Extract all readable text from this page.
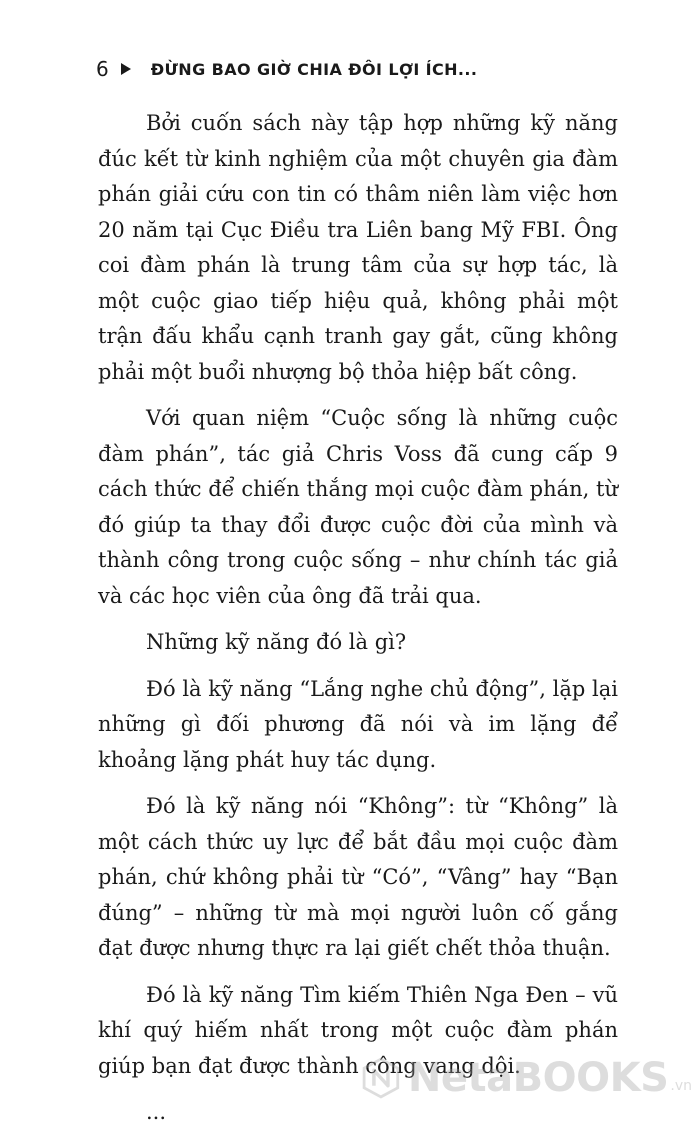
6	ĐỪNG BAO GIỜ CHIA ĐÔI LỢI ÍCH...

Bởi cuốn sách này tập hợp những kỹ năng đúc kết từ kinh nghiệm của một chuyên gia đàm phán giải cứu con tin có thâm niên làm việc hơn 20 năm tại Cục Điều tra Liên bang Mỹ FBI. Ông coi đàm phán là trung tâm của sự hợp tác, là một cuộc giao tiếp hiệu quả, không phải một trận đấu khẩu cạnh tranh gay gắt, cũng không phải một buổi nhượng bộ thỏa hiệp bất công.

Với quan niệm “Cuộc sống là những cuộc đàm phán”, tác giả Chris Voss đã cung cấp 9 cách thức để chiến thắng mọi cuộc đàm phán, từ đó giúp ta thay đổi được cuộc đời của mình và thành công trong cuộc sống – như chính tác giả và các học viên của ông đã trải qua.

Những kỹ năng đó là gì?

Đó là kỹ năng “Lắng nghe chủ động”, lặp lại những gì đối phương đã nói và im lặng để khoảng lặng phát huy tác dụng.

Đó là kỹ năng nói “Không”: từ “Không” là một cách thức uy lực để bắt đầu mọi cuộc đàm phán, chứ không phải từ “Có”, “Vâng” hay “Bạn đúng” – những từ mà mọi người luôn cố gắng đạt được nhưng thực ra lại giết chết thỏa thuận.

Đó là kỹ năng Tìm kiếm Thiên Nga Đen – vũ khí quý hiếm nhất trong một cuộc đàm phán giúp bạn đạt được thành công vang dội.

...

NetaBOOKS .vn
